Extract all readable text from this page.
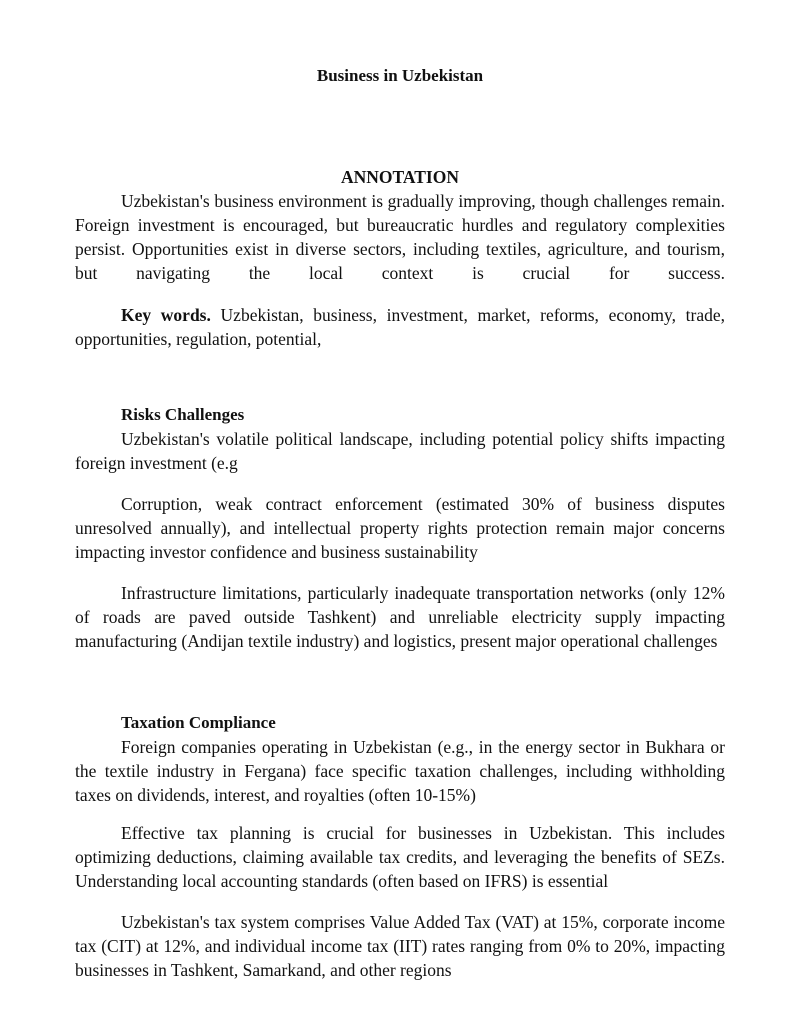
Business in Uzbekistan
ANNOTATION

Uzbekistan's business environment is gradually improving, though challenges remain. Foreign investment is encouraged, but bureaucratic hurdles and regulatory complexities persist. Opportunities exist in diverse sectors, including textiles, agriculture, and tourism, but navigating the local context is crucial for success.

Key words. Uzbekistan, business, investment, market, reforms, economy, trade, opportunities, regulation, potential,

Risks Challenges

Uzbekistan's volatile political landscape, including potential policy shifts impacting foreign investment (e.g

Corruption, weak contract enforcement (estimated 30% of business disputes unresolved annually), and intellectual property rights protection remain major concerns impacting investor confidence and business sustainability

Infrastructure limitations, particularly inadequate transportation networks (only 12% of roads are paved outside Tashkent) and unreliable electricity supply impacting manufacturing (Andijan textile industry) and logistics, present major operational challenges

Taxation Compliance

Foreign companies operating in Uzbekistan (e.g., in the energy sector in Bukhara or the textile industry in Fergana) face specific taxation challenges, including withholding taxes on dividends, interest, and royalties (often 10-15%)

Effective tax planning is crucial for businesses in Uzbekistan. This includes optimizing deductions, claiming available tax credits, and leveraging the benefits of SEZs. Understanding local accounting standards (often based on IFRS) is essential

Uzbekistan's tax system comprises Value Added Tax (VAT) at 15%, corporate income tax (CIT) at 12%, and individual income tax (IIT) rates ranging from 0% to 20%, impacting businesses in Tashkent, Samarkand, and other regions
